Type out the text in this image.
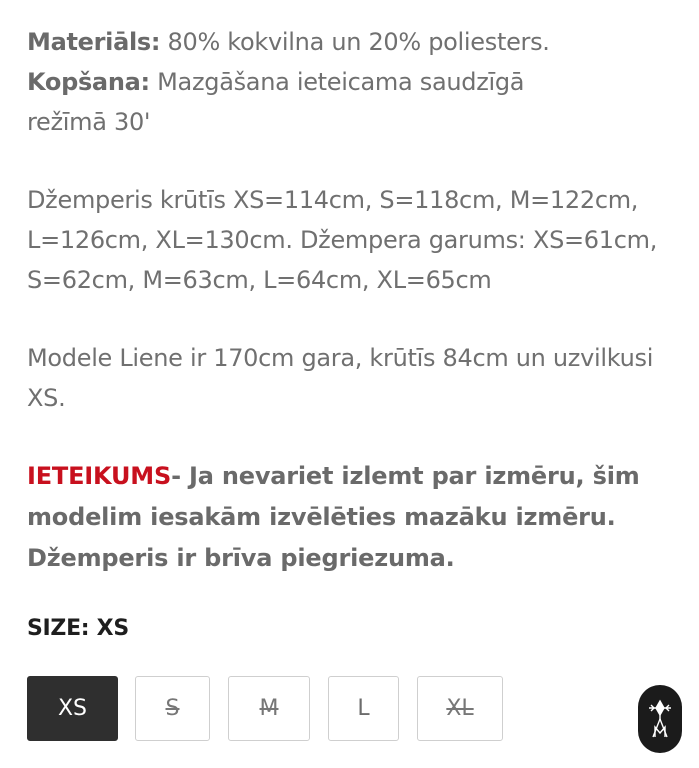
Materiāls: 80% kokvilna un 20% poliesters. Kopšana: Mazgāšana ieteicama saudzīgā režīmā 30'

Džemperis krūtīs XS=114cm, S=118cm, M=122cm, L=126cm, XL=130cm. Džempera garums: XS=61cm, S=62cm, M=63cm, L=64cm, XL=65cm

Modele Liene ir 170cm gara, krūtīs 84cm un uzvilkusi XS.

IETEIKUMS- Ja nevariet izlemt par izmēru, šim modelim iesakām izvēlēties mazāku izmēru. Džemperis ir brīva piegriezuma.

SIZE: XS
XS	S	M	L	XL
